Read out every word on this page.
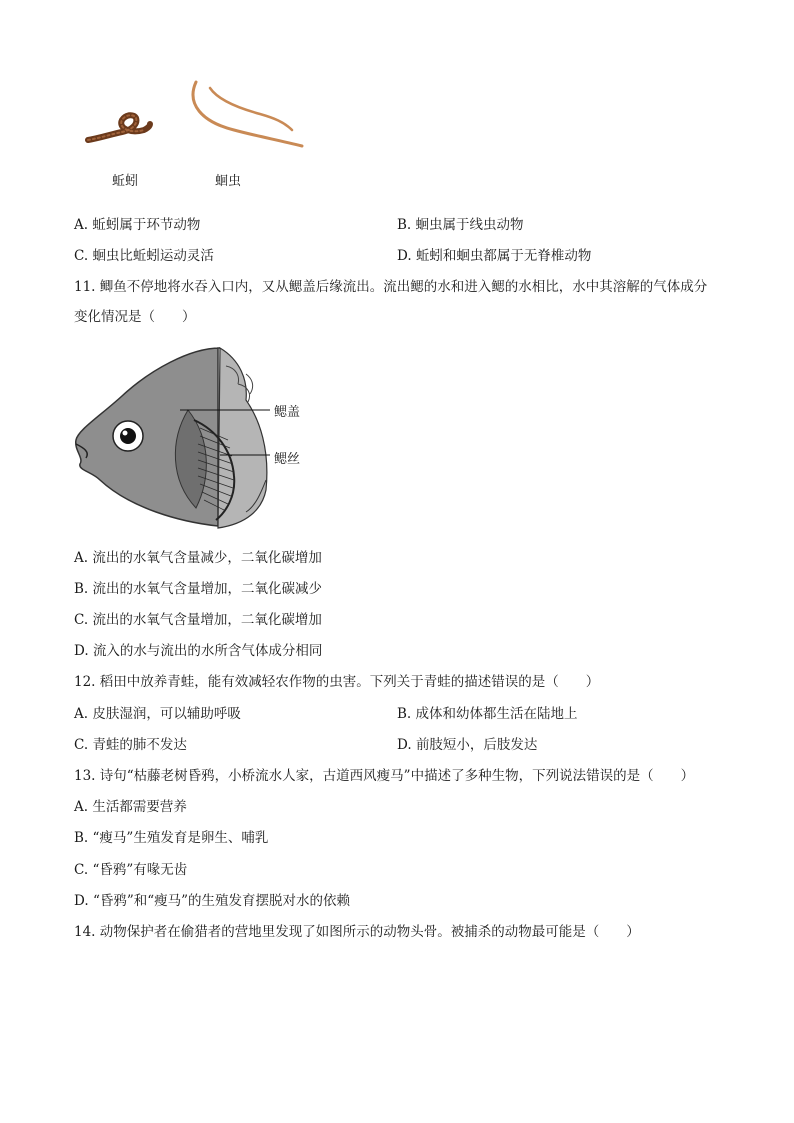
蚯蚓	蛔虫
A. 蚯蚓属于环节动物	B. 蛔虫属于线虫动物
C. 蛔虫比蚯蚓运动灵活	D. 蚯蚓和蛔虫都属于无脊椎动物
11. 鲫鱼不停地将水吞入口内，又从鳃盖后缘流出。流出鳃的水和进入鳃的水相比，水中其溶解的气体成分
变化情况是（　　）
鳃盖
鳃丝
A. 流出的水氧气含量减少，二氧化碳增加
B. 流出的水氧气含量增加，二氧化碳减少
C. 流出的水氧气含量增加，二氧化碳增加
D. 流入的水与流出的水所含气体成分相同
12. 稻田中放养青蛙，能有效减轻农作物的虫害。下列关于青蛙的描述错误的是（　　）
A. 皮肤湿润，可以辅助呼吸	B. 成体和幼体都生活在陆地上
C. 青蛙的肺不发达	D. 前肢短小，后肢发达
13. 诗句“枯藤老树昏鸦，小桥流水人家，古道西风瘦马”中描述了多种生物，下列说法错误的是（　　）
A. 生活都需要营养
B. “瘦马”生殖发育是卵生、哺乳
C. “昏鸦”有喙无齿
D. “昏鸦”和“瘦马”的生殖发育摆脱对水的依赖
14. 动物保护者在偷猎者的营地里发现了如图所示的动物头骨。被捕杀的动物最可能是（　　）
